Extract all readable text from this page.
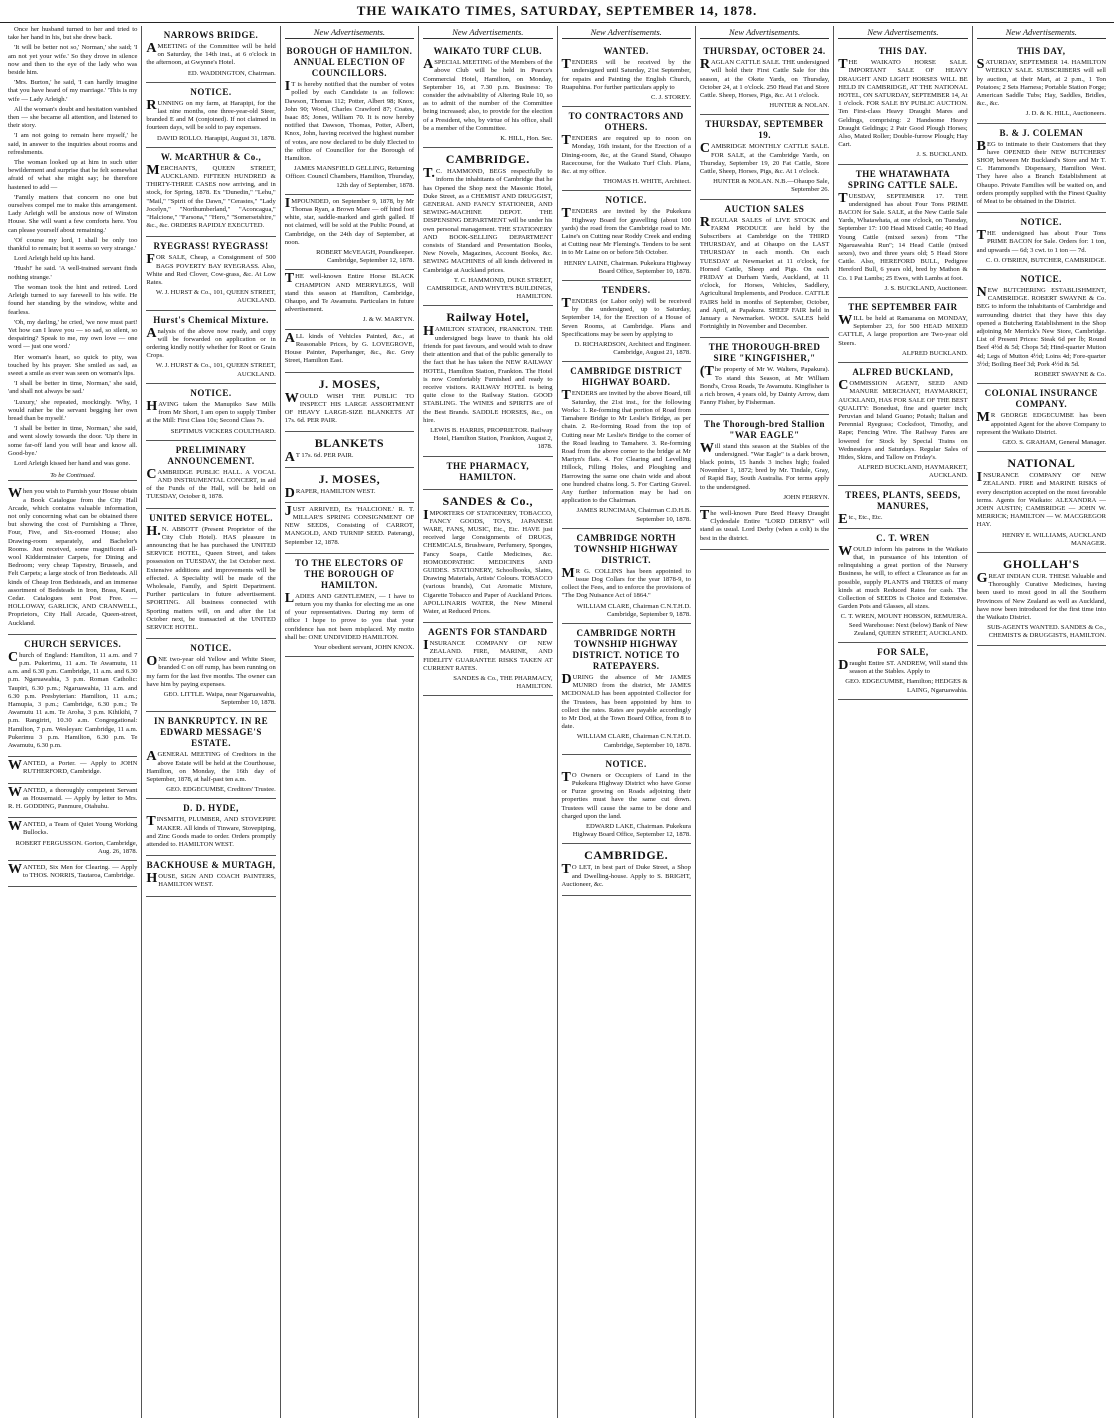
THE WAIKATO TIMES, SATURDAY, SEPTEMBER 14, 1878.

Once her husband turned to her and tried to take her hand in his, but she drew back.

'It will be better not so,' Norman,' she said; 'I am not yet your wife.' So they drove in silence now and then to the eye of the lady who was beside him.

'Mrs. Burton,' he said, 'I can hardly imagine that you have heard of my marriage.' 'This is my wife — Lady Arleigh.'

All the woman's doubt and hesitation vanished then — she became all attention, and listened to their story.

'I am not going to remain here myself,' he said, in answer to the inquiries about rooms and refreshments.

The woman looked up at him in such utter bewilderment and surprise that he felt somewhat afraid of what she might say; he therefore hastened to add —

'Family matters that concern no one but ourselves compel me to make this arrangement. Lady Arleigh will be anxious now of Winston House. She will want a few comforts here. You can please yourself about remaining.'

'Of course my lord, I shall be only too thankful to remain; but it seems so very strange.'

Lord Arleigh held up his hand.

'Hush!' he said. 'A well-trained servant finds nothing strange.'

The woman took the hint and retired. Lord Arleigh turned to say farewell to his wife. He found her standing by the window, white and fearless.

'Oh, my darling,' he cried, 'we now must part! Yet how can I leave you — so sad, so silent, so despairing? Speak to me, my own love — one word — just one word.'

Her woman's heart, so quick to pity, was touched by his prayer. She smiled as sad, as sweet a smile as ever was seen on woman's lips.

'I shall be better in time, Norman,' she said, 'and shall not always be sad.'

'Luxury,' she repeated, mockingly. 'Why, I would rather be the servant begging her own bread than be myself.'

'I shall be better in time, Norman,' she said, and went slowly towards the door. 'Up there in some far-off land you will hear and know all. Good-bye.'

Lord Arleigh kissed her hand and was gone.

To be Continued.

When you wish to Furnish your House obtain a Book Catalogue from the City Hall Arcade, which contains valuable information, not only concerning what can be obtained there but showing the cost of Furnishing a Three, Four, Five, and Six-roomed House; also Drawing-room separately, and Bachelor's Rooms. Just received, some magnificent all-wool Kidderminster Carpets, for Dining and Bedroom; very cheap Tapestry, Brussels, and Felt Carpets; a large stock of Iron Bedsteads. All kinds of Cheap Iron Bedsteads, and an immense assortment of Bedsteads in Iron, Brass, Kauri, Cedar. Catalogues sent Post Free. — HOLLOWAY, GARLICK, AND CRANWELL, Proprietors, City Hall Arcade, Queen-street, Auckland.

CHURCH SERVICES.

Church of England: Hamilton, 11 a.m. and 7 p.m. Pukerimu, 11 a.m. Te Awamutu, 11 a.m. and 6.30 p.m. Cambridge, 11 a.m. and 6.30 p.m. Ngaruawahia, 3 p.m. Roman Catholic: Taupiri, 6.30 p.m.; Ngaruawahia, 11 a.m. and 6.30 p.m. Presbyterian: Hamilton, 11 a.m.; Hamupia, 3 p.m.; Cambridge, 6.30 p.m.; Te Awamutu 11 a.m. Te Aroha, 3 p.m. Kihikihi, 7 p.m. Rangiriri, 10.30 a.m. Congregational: Hamilton, 7 p.m. Wesleyan: Cambridge, 11 a.m. Pukerimu 3 p.m. Hamilton, 6.30 p.m. Te Awamutu, 6.30 p.m.

WANTED, a Porter. — Apply to JOHN RUTHERFORD, Cambridge.

WANTED, a thoroughly competent Servant as Housemaid. — Apply by letter to Mrs. R. H. GODDING, Panmure, Otahuhu.

WANTED, a Team of Quiet Young Working Bullocks.

ROBERT FERGUSSON. Gorton, Cambridge, Aug. 26, 1878.

WANTED, Six Men for Clearing. — Apply to THOS. NORRIS, Tautaroa, Cambridge.

NARROWS BRIDGE.

AMEETING of the Committee will be held on Saturday, the 14th inst., at 6 o'clock in the afternoon, at Gwynne's Hotel.

ED. WADDINGTON, Chairman.
NOTICE.

RUNNING on my farm, at Harapipi, for the last nine months, one three-year-old Steer, branded E and M (conjoined). If not claimed in fourteen days, will be sold to pay expenses.

DAVID ROLLO. Harapipi, August 31, 1878.
W. McARTHUR & Co.,

MERCHANTS, QUEEN STREET, AUCKLAND. FIFTEEN HUNDRED & THIRTY-THREE CASES now arriving, and in stock, for Spring, 1878. Ex "Dunedin," "Lehu," "Mail," "Spirit of the Dawn," "Cerastes," "Lady Jocelyn," "Northumberland," "Aconcagua," "Halcione," "Farsona," "Hero," "Somersetshire," &c., &c. ORDERS RAPIDLY EXECUTED.

RYEGRASS! RYEGRASS!

FOR SALE, Cheap, a Consignment of 500 BAGS POVERTY BAY RYEGRASS. Also, White and Red Clover, Cow-grass, &c. At Low Rates.

W. J. HURST & Co., 101, QUEEN STREET, AUCKLAND.
Hurst's Chemical Mixture.

Analysis of the above now ready, and copy will be forwarded on application or in ordering kindly notify whether for Root or Grain Crops.

W. J. HURST & Co., 101, QUEEN STREET, AUCKLAND.
NOTICE.

HAVING taken the Manupiko Saw Mills from Mr Short, I am open to supply Timber at the Mill: First Class 10s; Second Class 7s.

SEPTIMUS VICKERS COULTHARD.
PRELIMINARY ANNOUNCEMENT.

CAMBRIDGE PUBLIC HALL. A VOCAL AND INSTRUMENTAL CONCERT, in aid of the Funds of the Hall, will be held on TUESDAY, October 8, 1878.

UNITED SERVICE HOTEL.

H.N. ABBOTT (Present Proprietor of the City Club Hotel). HAS pleasure in announcing that he has purchased the UNITED SERVICE HOTEL, Queen Street, and takes possession on TUESDAY, the 1st October next. Extensive additions and improvements will be effected. A Speciality will be made of the Wholesale, Family, and Spirit Department. Further particulars in future advertisement. SPORTING. All business connected with Sporting matters will, on and after the 1st October next, be transacted at the UNITED SERVICE HOTEL.

NOTICE.

ONE two-year old Yellow and White Steer, branded C on off rump, has been running on my farm for the last five months. The owner can have him by paying expenses.

GEO. LITTLE. Waipa, near Ngaruawahia, September 10, 1878.
IN BANKRUPTCY. IN RE EDWARD MESSAGE'S ESTATE.

AGENERAL MEETING of Creditors in the above Estate will be held at the Courthouse, Hamilton, on Monday, the 16th day of September, 1878, at half-past ten a.m.

GEO. EDGECUMBE, Creditors' Trustee.
D. D. HYDE,

TINSMITH, PLUMBER, AND STOVEPIPE MAKER. All kinds of Tinware, Stovepiping, and Zinc Goods made to order. Orders promptly attended to. HAMILTON WEST.

BACKHOUSE & MURTAGH,

HOUSE, SIGN AND COACH PAINTERS, HAMILTON WEST.

New Advertisements.
BOROUGH OF HAMILTON. ANNUAL ELECTION OF COUNCILLORS.

IT is hereby notified that the number of votes polled by each Candidate is as follows: Dawson, Thomas 112; Potter, Albert 98; Knox, John 90; Wood, Charles Crawford 87; Coates, Isaac 85; Jones, William 70. It is now hereby notified that Dawson, Thomas, Potter, Albert, Knox, John, having received the highest number of votes, are now declared to be duly Elected to the office of Councillor for the Borough of Hamilton.

JAMES MANSFIELD GELLING, Returning Officer. Council Chambers, Hamilton, Thursday, 12th day of September, 1878.

IMPOUNDED, on September 9, 1878, by Mr Thomas Ryan, a Brown Mare — off hind foot white, star, saddle-marked and girth galled. If not claimed, will be sold at the Public Pound, at Cambridge, on the 24th day of September, at noon.

ROBERT McVEAGH, Poundkeeper. Cambridge, September 12, 1878.

THE well-known Entire Horse BLACK CHAMPION AND MERRYLEGS, Will stand this season at Hamilton, Cambridge, Ohaupo, and Te Awamutu. Particulars in future advertisement.

J. & W. MARTYN.

ALL kinds of Vehicles Painted, &c., at Reasonable Prices, by G. LOVEGROVE, House Painter, Paperhanger, &c., &c. Grey Street, Hamilton East.

J. MOSES,

WOULD WISH THE PUBLIC TO INSPECT HIS LARGE ASSORTMENT OF HEAVY LARGE-SIZE BLANKETS AT 17s. 6d. PER PAIR.

BLANKETS

AT 17s. 6d. PER PAIR.

J. MOSES,

DRAPER, HAMILTON WEST.

JUST ARRIVED, Ex 'HALCIONE.' R. T. MILLAR'S SPRING CONSIGNMENT OF NEW SEEDS, Consisting of CARROT, MANGOLD, AND TURNIP SEED. Paterangi, September 12, 1878.

TO THE ELECTORS OF THE BOROUGH OF HAMILTON.

LADIES AND GENTLEMEN, — I have to return you my thanks for electing me as one of your representatives. During my term of office I hope to prove to you that your confidence has not been misplaced. My motto shall be: ONE UNDIVIDED HAMILTON.

Your obedient servant, JOHN KNOX.
New Advertisements.
WAIKATO TURF CLUB.

ASPECIAL MEETING of the Members of the above Club will be held in Pearce's Commercial Hotel, Hamilton, on Monday, September 16, at 7.30 p.m. Business: To consider the advisability of Altering Rule 10, so as to admit of the number of the Committee being increased; also, to provide for the election of a President, who, by virtue of his office, shall be a member of the Committee.

K. HILL, Hon. Sec.
CAMBRIDGE.

T.C. HAMMOND, BEGS respectfully to inform the inhabitants of Cambridge that he has Opened the Shop next the Masonic Hotel, Duke Street, as a CHEMIST AND DRUGGIST, GENERAL AND FANCY STATIONER, AND SEWING-MACHINE DEPOT. THE DISPENSING DEPARTMENT will be under his own personal management. THE STATIONERY AND BOOK-SELLING DEPARTMENT consists of Standard and Presentation Books, New Novels, Magazines, Account Books, &c. SEWING MACHINES of all kinds delivered in Cambridge at Auckland prices.

T. C. HAMMOND, DUKE STREET, CAMBRIDGE, AND WHYTE'S BUILDINGS, HAMILTON.
Railway Hotel,

HAMILTON STATION, FRANKTON. THE undersigned begs leave to thank his old friends for past favours, and would wish to draw their attention and that of the public generally to the fact that he has taken the NEW RAILWAY HOTEL, Hamilton Station, Frankton. The Hotel is now Comfortably Furnished and ready to receive visitors. RAILWAY HOTEL is being quite close to the Railway Station. GOOD STABLING. The WINES and SPIRITS are of the Best Brands. SADDLE HORSES, &c., on hire.

LEWIS B. HARRIS, PROPRIETOR. Railway Hotel, Hamilton Station, Frankton, August 2, 1878.
THE PHARMACY, HAMILTON.
SANDES & Co.,

IMPORTERS OF STATIONERY, TOBACCO, FANCY GOODS, TOYS, JAPANESE WARE, FANS, MUSIC, Etc., Etc. HAVE just received large Consignments of DRUGS, CHEMICALS, Brushware, Perfumery, Sponges, Fancy Soaps, Cattle Medicines, &c. HOMOEOPATHIC MEDICINES AND GUIDES. STATIONERY, Schoolbooks, Slates, Drawing Materials, Artists' Colours. TOBACCO (various brands), Cut Aromatic Mixture, Cigarette Tobacco and Paper of Auckland Prices. APOLLINARIS WATER, the New Mineral Water, at Reduced Prices.

AGENTS FOR STANDARD

INSURANCE COMPANY OF NEW ZEALAND. FIRE, MARINE, AND FIDELITY GUARANTEE RISKS TAKEN AT CURRENT RATES.

SANDES & Co., THE PHARMACY, HAMILTON.
New Advertisements.
WANTED.

TENDERS will be received by the undersigned until Saturday, 21st September, for repairs and Painting the English Church, Ruapuhina. For further particulars apply to

C. J. STOREY.
TO CONTRACTORS AND OTHERS.

TENDERS are required up to noon on Monday, 16th instant, for the Erection of a Dining-room, &c, at the Grand Stand, Ohaupo Racecourse, for the Waikato Turf Club. Plans, &c. at my office.

THOMAS H. WHITE, Architect.
NOTICE.

TENDERS are invited by the Pukekura Highway Board for gravelling (about 100 yards) the road from the Cambridge road to Mr. Laine's on Cutting near Roddy Creek and ending at Cutting near Mr Fleming's. Tenders to be sent in to Mr Laine on or before 5th October.

HENRY LAINE, Chairman. Pukekura Highway Board Office, September 10, 1878.
TENDERS.

TENDERS (or Labor only) will be received by the undersigned, up to Saturday, September 14, for the Erection of a House of Seven Rooms, at Cambridge. Plans and Specifications may be seen by applying to

D. RICHARDSON, Architect and Engineer. Cambridge, August 21, 1878.
CAMBRIDGE DISTRICT HIGHWAY BOARD.

TENDERS are invited by the above Board, till Saturday, the 21st inst., for the following Works: 1. Re-forming that portion of Road from Tamahere Bridge to Mr Leslie's Bridge, as per chain. 2. Re-forming Road from the top of Cutting near Mr Leslie's Bridge to the corner of the Road leading to Tamahere. 3. Re-forming Road from the above corner to the bridge at Mr Martyn's flats. 4. For Clearing and Levelling Hillock, Filling Holes, and Ploughing and Harrowing the same one chain wide and about one hundred chains long. 5. For Carting Gravel. Any further information may be had on application to the Chairman.

JAMES RUNCIMAN, Chairman C.D.H.B. September 10, 1878.
CAMBRIDGE NORTH TOWNSHIP HIGHWAY DISTRICT.

MR G. COLLINS has been appointed to issue Dog Collars for the year 1878-9, to collect the Fees, and to enforce the provisions of "The Dog Nuisance Act of 1864."

WILLIAM CLARE, Chairman C.N.T.H.D. Cambridge, September 9, 1878.
CAMBRIDGE NORTH TOWNSHIP HIGHWAY DISTRICT. NOTICE TO RATEPAYERS.

DURING the absence of Mr JAMES MUNRO from the district, Mr JAMES MCDONALD has been appointed Collector for the Trustees, has been appointed by him to collect the rates. Rates are payable accordingly to Mr Dod, at the Town Board Office, from 8 to date.

WILLIAM CLARE, Chairman C.N.T.H.D. Cambridge, September 10, 1878.
NOTICE.

TO Owners or Occupiers of Land in the Pukekura Highway District who have Gorse or Furze growing on Roads adjoining their properties must have the same cut down. Trustees will cause the same to be done and charged upon the land.

EDWARD LAKE, Chairman. Pukekura Highway Board Office, September 12, 1878.
CAMBRIDGE.

TO LET, in best part of Duke Street, a Shop and Dwelling-house. Apply to S. BRIGHT, Auctioneer, &c.

New Advertisements.
THURSDAY, OCTOBER 24.

RAGLAN CATTLE SALE. THE undersigned will hold their First Cattle Sale for this season, at the Okete Yards, on Thursday, October 24, at 1 o'clock. 250 Head Fat and Store Cattle. Sheep, Horses, Pigs, &c. At 1 o'clock.

HUNTER & NOLAN.
THURSDAY, SEPTEMBER 19.

CAMBRIDGE MONTHLY CATTLE SALE. FOR SALE, at the Cambridge Yards, on Thursday, September 19, 20 Fat Cattle, Store Cattle, Sheep, Horses, Pigs, &c. At 1 o'clock.

HUNTER & NOLAN. N.B.—Ohaupo Sale, September 26.
AUCTION SALES

REGULAR SALES of LIVE STOCK and FARM PRODUCE are held by the Subscribers at Cambridge on the THIRD THURSDAY, and at Ohaupo on the LAST THURSDAY in each month. On each TUESDAY at Newmarket at 11 o'clock, for Horned Cattle, Sheep and Pigs. On each FRIDAY at Durham Yards, Auckland, at 11 o'clock, for Horses, Vehicles, Saddlery, Agricultural Implements, and Produce. CATTLE FAIRS held in months of September, October, and April, at Papakura. SHEEP FAIR held in January a Newmarket. WOOL SALES held Fortnightly in November and December.

THE THOROUGH-BRED SIRE "KINGFISHER,"

(The property of Mr W. Walters, Papakura). To stand this Season, at Mr William Bond's, Cross Roads, Te Awamutu. Kingfisher is a rich brown, 4 years old, by Dainty Arrow, dam Fanny Fisher, by Fisherman.

The Thorough-bred Stallion "WAR EAGLE"

Will stand this season at the Stables of the undersigned. "War Eagle" is a dark brown, black points, 15 hands 3 inches high; foaled November 1, 1872; bred by Mr. Tindale, Gray, of Rapid Bay, South Australia. For terms apply to the undersigned.

JOHN FERRYN.

The well-known Pure Bred Heavy Draught Clydesdale Entire "LORD DERBY" will stand as usual. Lord Derby (when a colt) is the best in the district.

New Advertisements.
THIS DAY.

THE WAIKATO HORSE SALE. IMPORTANT SALE OF HEAVY DRAUGHT AND LIGHT HORSES WILL BE HELD IN CAMBRIDGE, AT THE NATIONAL HOTEL, ON SATURDAY, SEPTEMBER 14, At 1 o'clock. FOR SALE BY PUBLIC AUCTION. Ten First-class Heavy Draught Mares and Geldings, comprising: 2 Handsome Heavy Draught Geldings; 2 Pair Good Plough Horses; Also, Mated Roller; Double-furrow Plough; Hay Cart.

J. S. BUCKLAND.
THE WHATAWHATA SPRING CATTLE SALE.

TUESDAY, SEPTEMBER 17. THE undersigned has about Four Tons PRIME BACON for Sale. SALE, at the New Cattle Sale Yards, Whatawhata, at one o'clock, on Tuesday, September 17: 100 Head Mixed Cattle; 40 Head Young Cattle (mixed sexes) from "The Ngaruawahia Run"; 14 Head Cattle (mixed sexes), two and three years old; 5 Head Store Cattle. Also, HEREFORD BULL, Pedigree Hereford Bull, 6 years old, bred by Mathon & Co. 1 Pat Lambs; 25 Ewes, with Lambs at foot.

J. S. BUCKLAND, Auctioneer.
THE SEPTEMBER FAIR

WILL be held at Ramarama on MONDAY, September 23, for 500 HEAD MIXED CATTLE, A large proportion are Two-year old Steers.

ALFRED BUCKLAND.
ALFRED BUCKLAND,

COMMISSION AGENT, SEED AND MANURE MERCHANT, HAYMARKET, AUCKLAND, HAS FOR SALE OF THE BEST QUALITY: Bonedust, fine and quarter inch; Peruvian and Island Guano; Potash; Italian and Perennial Ryegrass; Cocksfoot, Timothy, and Rape; Fencing Wire. The Railway Fares are lowered for Stock by Special Trains on Wednesdays and Saturdays. Regular Sales of Hides, Skins, and Tallow on Friday's.

ALFRED BUCKLAND, HAYMARKET, AUCKLAND.
TREES, PLANTS, SEEDS, MANURES,

Etc., Etc., Etc.

C. T. WREN

WOULD inform his patrons in the Waikato that, in pursuance of his intention of relinquishing a great portion of the Nursery Business, he will, to effect a Clearance as far as possible, supply PLANTS and TREES of many kinds at much Reduced Rates for cash. The Collection of SEEDS is Choice and Extensive. Garden Pots and Glasses, all sizes.

C. T. WREN, MOUNT HOBSON, REMUERA. Seed Warehouse: Next (below) Bank of New Zealand, QUEEN STREET, AUCKLAND.
FOR SALE,

Draught Entire ST. ANDREW, Will stand this season at the Stables. Apply to

GEO. EDGECUMBE, Hamilton; HEDGES & LAING, Ngaruawahia.
New Advertisements.
THIS DAY,

SATURDAY, SEPTEMBER 14. HAMILTON WEEKLY SALE. SUBSCRIBERS will sell by auction, at their Mart, at 2 p.m., 1 Ton Potatoes; 2 Sets Harness; Portable Station Forge; American Saddle Tubs; Hay, Saddles, Bridles, &c., &c.

J. D. & K. HILL, Auctioneers.
B. & J. COLEMAN

BEG to intimate to their Customers that they have OPENED their NEW BUTCHERS' SHOP, between Mr Buckland's Store and Mr T. C. Hammond's Dispensary, Hamilton West. They have also a Branch Establishment at Ohaupo. Private Families will be waited on, and orders promptly supplied with the Finest Quality of Meat to be obtained in the District.

NOTICE.

THE undersigned has about Four Tons PRIME BACON for Sale. Orders for: 1 ton, and upwards — 6d; 3 cwt. to 1 ton — 7d.

C. O. O'BRIEN, BUTCHER, CAMBRIDGE.
NOTICE.

NEW BUTCHERING ESTABLISHMENT, CAMBRIDGE. ROBERT SWAYNE & Co. BEG to inform the inhabitants of Cambridge and surrounding district that they have this day opened a Butchering Establishment in the Shop adjoining Mr Merrick's New Store, Cambridge. List of Present Prices: Steak 6d per lb; Round Beef 4½d & 5d; Chops 5d; Hind-quarter Mutton 4d; Legs of Mutton 4½d; Loins 4d; Fore-quarter 3½d; Boiling Beef 3d; Pork 4½d & 5d.

ROBERT SWAYNE & Co.
COLONIAL INSURANCE COMPANY.

MR GEORGE EDGECUMBE has been appointed Agent for the above Company to represent the Waikato District.

GEO. S. GRAHAM, General Manager.
NATIONAL

INSURANCE COMPANY OF NEW ZEALAND. FIRE and MARINE RISKS of every description accepted on the most favorable terms. Agents for Waikato: ALEXANDRA — JOHN AUSTIN; CAMBRIDGE — JOHN W. MERRICK; HAMILTON — W. MACGREGOR HAY.

HENRY E. WILLIAMS, AUCKLAND MANAGER.
GHOLLAH'S

GREAT INDIAN CUR. THESE Valuable and Thoroughly Curative Medicines, having been used to most good in all the Southern Provinces of New Zealand as well as Auckland, have now been introduced for the first time into the Waikato District.

SUB-AGENTS WANTED. SANDES & Co., CHEMISTS & DRUGGISTS, HAMILTON.
